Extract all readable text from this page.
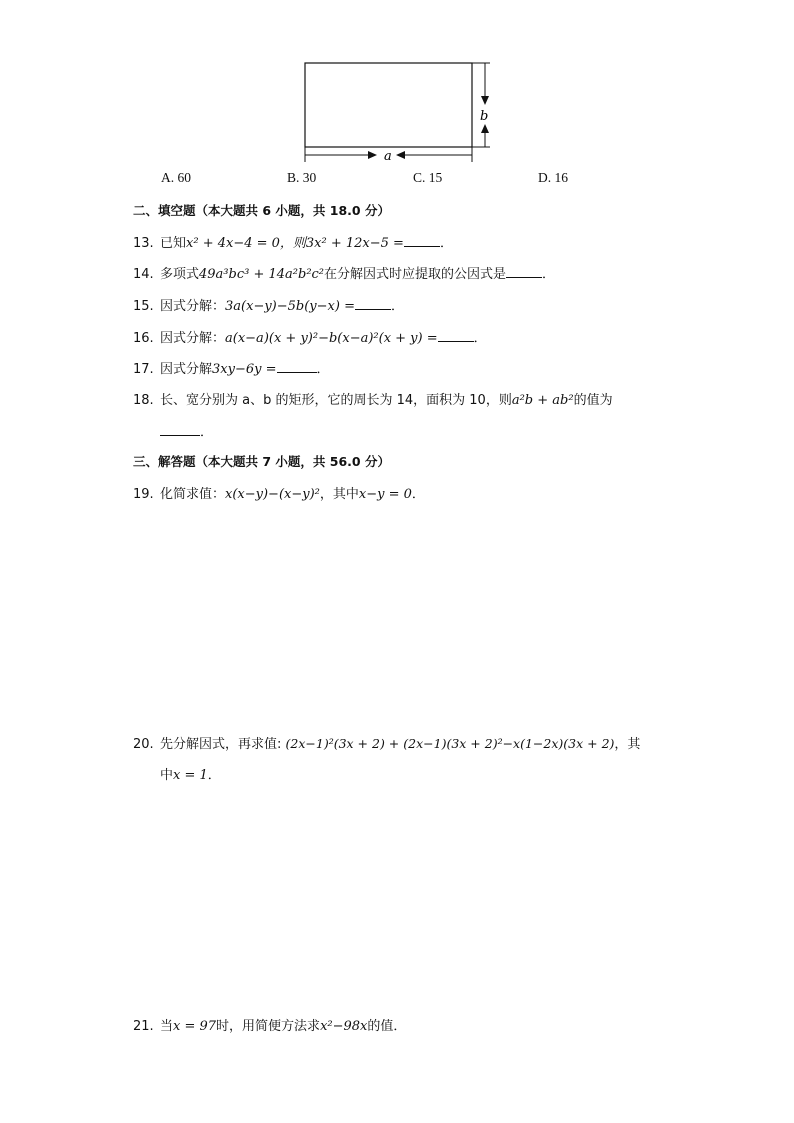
b
a
A. 60	B. 30	C. 15	D. 16
二、填空题（本大题共 6 小题，共 18.0 分）
13. 已知x² + 4x−4 = 0，则3x² + 12x−5 =	．
14. 多项式49a³bc³ + 14a²b²c²在分解因式时应提取的公因式是	．
15. 因式分解：3a(x−y)−5b(y−x) =	．
16. 因式分解：a(x−a)(x + y)²−b(x−a)²(x + y) =	．
17. 因式分解3xy−6y =	．
18. 长、宽分别为 a、b 的矩形，它的周长为 14，面积为 10，则a²b + ab²的值为
．
三、解答题（本大题共 7 小题，共 56.0 分）
19. 化简求值：x(x−y)−(x−y)²，其中x−y = 0．
20. 先分解因式，再求值: (2x−1)²(3x + 2) + (2x−1)(3x + 2)²−x(1−2x)(3x + 2)，其
中x = 1．
21. 当x = 97时，用简便方法求x²−98x的值．
